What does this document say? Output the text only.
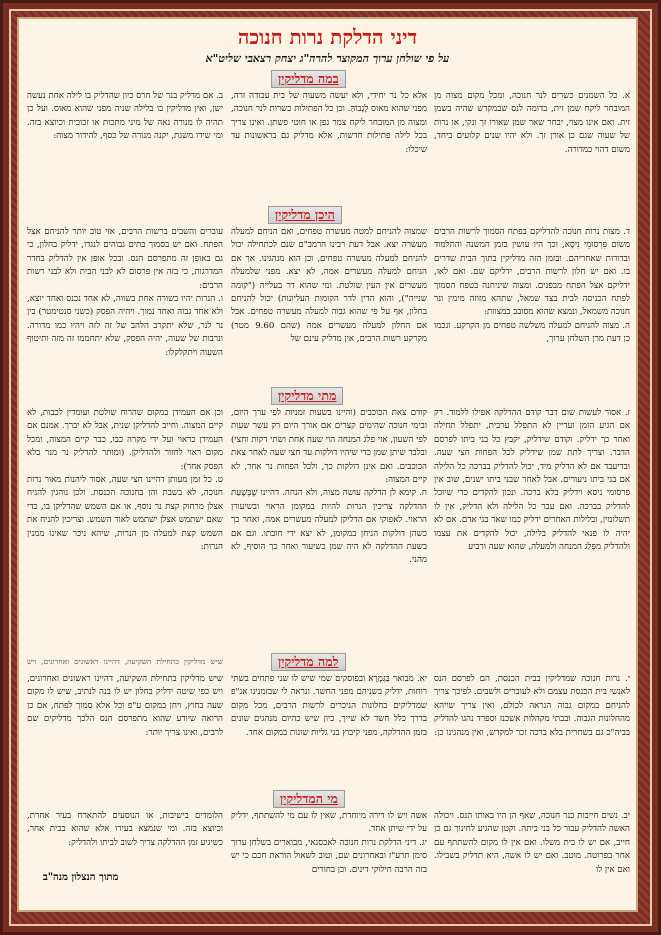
דיני הדלקת נרות חנוכה
על פי שולחן ערוך המקוצר להרה"ג יצחק רצאבי שליט"א
במה מדליקין
א. כל השמנים כשרים לנר חנוכה, ומכל מקום מצוה מן המובחר ליקח שמן זית, בדומה לנס שבמקדש שהיה בשמן זית. ואם אינו מצוי, יבחר שאר שמן שאורו זך ונקי, או נרות של שעוה שגם כן אורן זך. ולא יהיו שנים קלועים ביחד, משום דהוי כמדורה.
אלא כל נר יחידי, ולא יעשה משעוה של בית עבודה זרה, מפני שהוא מאוס לָגָבוֹהַּ. וכן כל הפתילות כשרות לנר חנוכה, ומצוה מן המובחר ליקח צמר גפן או חוטי פשתן. ואינו צריך בכל לילה פתילות חדשות, אלא מדליק גם בראשונות עד שיכלו:
ב. אם מדליק בנר של חרס כיון שהדליק בו לילה אחת נעשה ישן, ואין מדליקין בו בלילה שניה מפני שהוא מאוס. ועל כן תהיה לו מנורה נאה של מיני מתכות או זכוכית וכיוצא בזה. ומי שידו משגת, יקנה מנורה של כסף, להידור מצוה:
היכן מדליקין
ד. מצות נרות חנוכה להדליקם בפתח הסמוך לרשות הרבים משום פִּרְסוּמֵי נִיסָא, וכך היו עושין בזמן המשנה והתלמוד ובדורות שאחריהם. ובזמן הזה מדליקין בתוך הבית שדרים בו. ואם יש חלון לרשות הרבים, ידליקם שם. ואם לאו, ידליקם אצל הפתח מבפנים. ומצוה שיניחנה בטפח הסמוך לפתח הכניסה לבית בצד שמאל, שתהא מזוזה מימין ונר חנוכה משמאל, ונמצא שהוא מסובב במצוות:
ה. מצוה להניחם למעלה משלשה טפחים מן הקרקע. ונכמו כן דעת מרן השלחן ערוך,
שמצוה להניחם למטה מעשרה טפחים, ואם הניחם למעלה מעשרה יצא. אבל דעת רבינו הרמב"ם שנם לכתחילה יכול להניחם למעלה מעשרה טפחים, וכן הוא מנהגינו. אך אם הניחם למעלה מעשרים אמה, לא יצא. מפני שלמעלה מעשרים אין העין שולטת. ומי שהוא דר בעלייה ("קומה שנייה"), והוא הדין לדר הקומות העליונות) יכול להניחם בחלון, אף על פי שהוא גבוה למעלה מעשרה טפחים. אבל אם החלון למעלה מעשרים אמה (שהם 9.60 מטר) מקרקע רשות הרבים, אין מדליק עינם של
עוברים והשבים ברשות הרבים, אזי טוב יותר להניחם אצל הפתח. ואם יש בסמוך בתים גבוהים לנגדו, ידליק בחלון, כי גם באופן זה מתפרסם הנס. ובכל אופן אין להדליק בחדר המדרגות, כי בזה אין פרסום לא לבני הבית ולא לבני רשות הרבים:
ו. הנרות יהיו בשורה אחת בשווה, לא אחד נכנס ואחד יוצא, ולא אחד גבוה ואחד נמוך. ויהיה הפסק (כשני סנטימטר) בין נר לנר, שלא יתקרב הלהב של זה לזה ויהיו כמו מדורה. ונרבות של שעוה, יהיה הפסק, שלא יתחממו זה מזה ותיטוף השעוה ויתקלקלו:
מתי מדליקין
ז. אסור לעשות שום דבר קודם ההדלקה אפילו ללמוד. רק אם הגיע הזמן ועדיין לא התפלל ערבית, יתפלל תחילה ואחר כך ידליק. וקודם שידליק, יקבץ כל בני ביתו לפרסם הדבר. וצריך לתת שמן שידליק לכל הפחות חצי שעה. ובדיעבד אם לא הדליק מיד, יכול להדליק בברכה כל הלילה אם בני ביתו ניעורים. אבל לאחר שבני ביתו ישנים, שוב אין פרסומי ניסא וידליק בלא ברכה. ונכון להקדים כדי שיוכל להדליק בברכה. ואם עבר כל הלילה ולא הדליק, אין לו תשלומין, ובלילות האחרים ידליק כמו שאר בני אדם. אם לא יהיה לו פנאי להדליק בלילה, יכול להקדים את עצמו ולהדליק מִפְּלַג המנחה ולמעלה, שהוא שעה ורביע
קודם צאת הכוכבים (והיינו בשעות זמניות לפי ערך היום, ובימי חנוכה שהימים קצרים אם אורך היום רק עשר שעות לפי השעון, אזי פלג המנחה הוי שעה אחת ושתי דקות וחצי) ובלבד שיתן שמן כדי שיהיו דולקות עד חצי שעה לאחר צאת הכוכבים. ואם אינן דולקות כך, ולכל הפחות נר אחד, לא קיים המצוה:
ח. קימא לן הדלקה עושה מצוה, ולא הנחה. דהיינו שֶׁבְּשָׁעַת ההדלקה צריכין הנרות להיות במקומן הראוי ובשיעורן הראוי. לאפוקי אם הדליקן למעלה מעשרים אמה, ואחר כך כשהן דולקות הניחן במקומן, לא יצא ידי חובתו. וגם אם בשעת ההדלקה לא היה שמן כשיעור ואחר כך הוסיף, לא מהני.
וכן אם העמידן במקום שהרוח שולטת ועומדין לכבות, לא קיים המצוה. וחייב להדליקן שנית, אבל לא יברך. אמנם אם העמידן כראוי ועל ידי מקרה כבו, כבר קיים המצוה, ומכל מקום ראוי לחזור ולהדליקן. (ומותר להדליק נר מנר בלא הפסק אחר):
ט. כל זמן מעותן דהיינו חצי שעה, אסור ליהנות מאור נרות חנוכה, לא בשבת והן בחנוכה הכנסת. ולכן נוהגין להניח אצלן מרחוק קצת נר נוסף, או אם השמש שהדליקן בו, כדי שאם ישתמש אצלן ישתמש לאור השמש. וצריכין להניח את השמש קצת למעלה מן הנרות, שיהא ניכר שאינו ממנין הנרות:
למה מדליקין
י. נרות חנוכה שמדליקין בבית הכנסת, הם לפרסם הנס לאנשי בית הכנסת עצמם ולא לעוברים ולשבים. לפיכך צריך להניחם במקום גבוה הנראה לכולם, ואין צריך שיִיהא מהחלונות הגבוה. ובבתי מקהלות אשכנז וספרד נהגו להדליק בביה"כ גם בשחרית בלא ברכה זכר למקדש, ואין מנהגינו כן:
יא. מבואר בַּגְּמָרָא ובפוסקים שמי שיש לו שני פתחים בשתי רוחות, ידליק בשניהם מפני החשד. ונראה לי שבזמנינו אנ"פ שמדליקים בחלונות הניכרים לרשות הרבים, מכל מקום בדרך כלל חשד לא שייך, כיון שיש כהיום מנהגים שונים בזמן ההדלקה, מפני קיבוץ בני גליות שונות במקום אחד.
שיש מדליקין בתחילת השקיעה, דהיינו ראשונים ואחרונים, ויש
שיש מדליקין בתחילת השקיעה, דהיינו ראשונים ואחרונים, ויש כפי שיטה ידליק בחלון יש לו בנה לנתיב, שיש לו מקום שעה בחוץ, ויחן במקום ע"פ וכל אלא סמוך לפתח, אם כן הרואה שיודע שהוא מתפרסם הנס הלכך מדליקים שם לרבים, ואינו צריך יותר:
מי המדליקין
יב. נשים חייבות בנר חנוכה, שאף הן היו באותו הנס. ויכולה האשה להדליק עבור כל בני ביתה. וקטן שהגיע לחינוך גם כן חייב, אם יש לו בית משלו. ואם אין לו מקום להשתתף עם אחר בפרוטה. מוטב. ואם יש לו אשה, היא תדליק בשבילו. ואם אין לו
אשה ויש לו דירה מיוחדת, שאין לו עם מי להשתתף, ידליק על ידי שיתן אחד.
יג. דיני הדלקת נרות חנוכה לאכסנאי, מבוארים בשלחן ערוך סימן תרע"ז ובאחרונים שם, וטוב לשאול הוראת חכם כי יש בזה הרבה חילוקי דינים. וכן בחורים
הלומדים בישיבות, או הנוסעים להתארח בעיר אחרת, וכיוצא בזה. ומי שנמצא בעירו אלא שהוא בבית אחר, כשיגיע זמן ההדלקה צריך לשוב לביתו ולהדליק:
מתוך הנצלון מנה"ב
